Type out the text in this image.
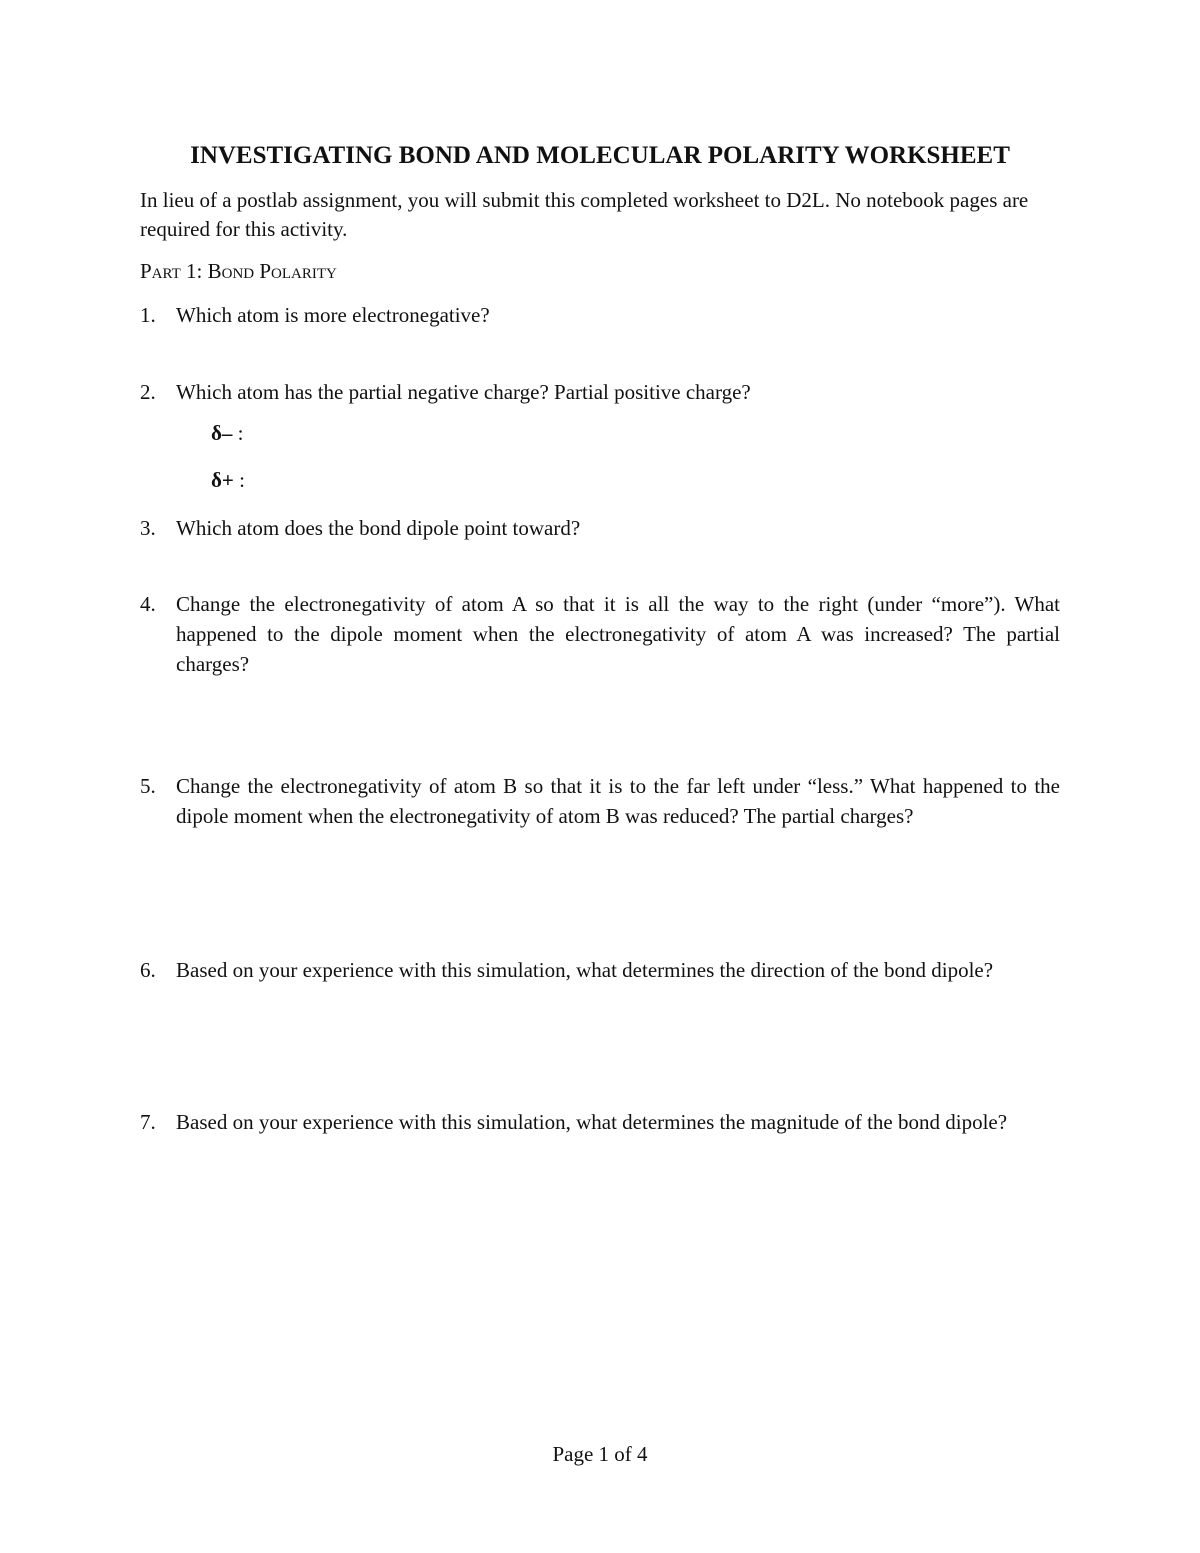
INVESTIGATING BOND AND MOLECULAR POLARITY WORKSHEET

In lieu of a postlab assignment, you will submit this completed worksheet to D2L. No notebook pages are required for this activity.

Part 1: Bond Polarity

1. Which atom is more electronegative?
2. Which atom has the partial negative charge? Partial positive charge?
δ– :
δ+ :
3. Which atom does the bond dipole point toward?
4. Change the electronegativity of atom A so that it is all the way to the right (under “more”). What happened to the dipole moment when the electronegativity of atom A was increased? The partial charges?
5. Change the electronegativity of atom B so that it is to the far left under “less.” What happened to the dipole moment when the electronegativity of atom B was reduced? The partial charges?
6. Based on your experience with this simulation, what determines the direction of the bond dipole?
7. Based on your experience with this simulation, what determines the magnitude of the bond dipole?
Page 1 of 4
